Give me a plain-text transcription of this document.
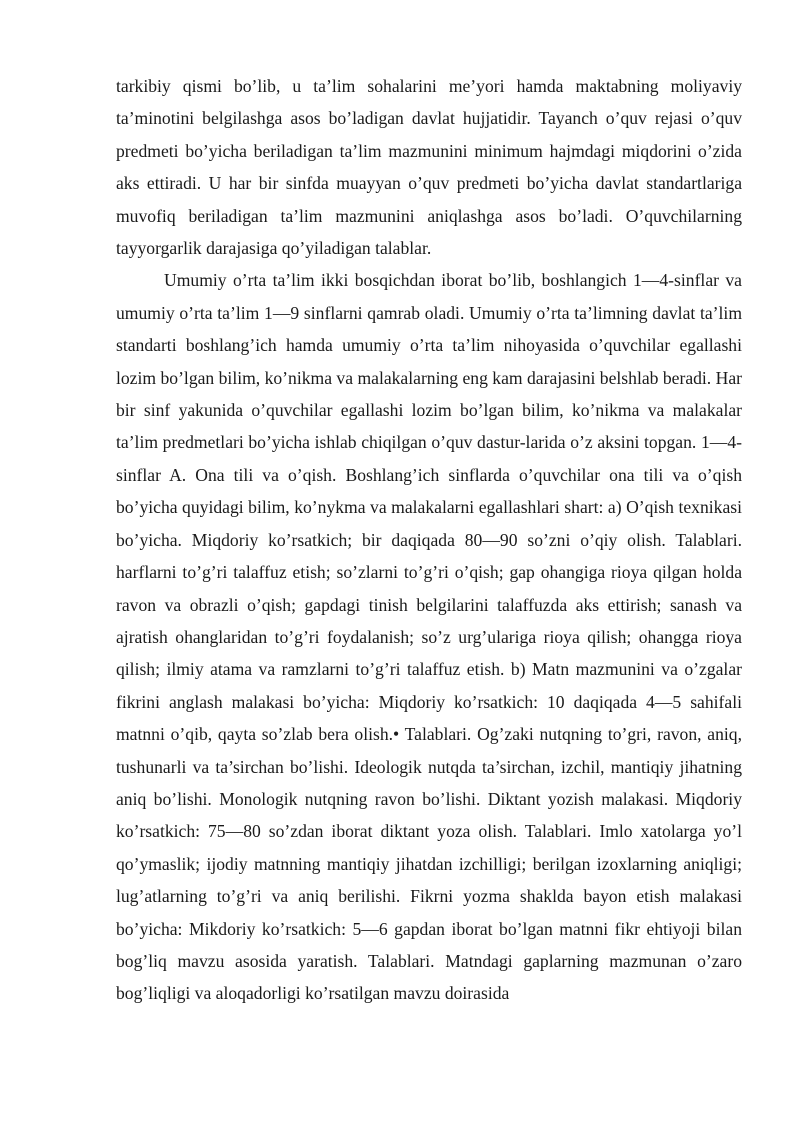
tarkibiy qismi bo’lib, u ta’lim sohalarini me’yori hamda maktabning moliyaviy ta’minotini belgilashga asos bo’ladigan davlat hujjatidir. Tayanch o’quv rejasi o’quv predmeti bo’yicha beriladigan ta’lim mazmunini minimum hajmdagi miqdorini o’zida aks ettiradi. U har bir sinfda muayyan o’quv predmeti bo’yicha davlat standartlariga muvofiq beriladigan ta’lim mazmunini aniqlashga asos bo’ladi. O’quvchilarning tayyorgarlik darajasiga qo’yiladigan talablar.

Umumiy o’rta ta’lim ikki bosqichdan iborat bo’lib, boshlangich 1—4-sinflar va umumiy o’rta ta’lim 1—9 sinflarni qamrab oladi. Umumiy o’rta ta’limning davlat ta’lim standarti boshlang’ich hamda umumiy o’rta ta’lim nihoyasida o’quvchilar egallashi lozim bo’lgan bilim, ko’nikma va malakalarning eng kam darajasini belshlab beradi. Har bir sinf yakunida o’quvchilar egallashi lozim bo’lgan bilim, ko’nikma va malakalar ta’lim predmetlari bo’yicha ishlab chiqilgan o’quv dastur-larida o’z aksini topgan. 1—4-sinflar A. Ona tili va o’qish. Boshlang’ich sinflarda o’quvchilar ona tili va o’qish bo’yicha quyidagi bilim, ko’nykma va malakalarni egallashlari shart: a) O’qish texnikasi bo’yicha. Miqdoriy ko’rsatkich; bir daqiqada 80—90 so’zni o’qiy olish. Talablari. harflarni to’g’ri talaffuz etish; so’zlarni to’g’ri o’qish; gap ohangiga rioya qilgan holda ravon va obrazli o’qish; gapdagi tinish belgilarini talaffuzda aks ettirish; sanash va ajratish ohanglaridan to’g’ri foydalanish; so’z urg’ulariga rioya qilish; ohangga rioya qilish; ilmiy atama va ramzlarni to’g’ri talaffuz etish. b) Matn mazmunini va o’zgalar fikrini anglash malakasi bo’yicha: Miqdoriy ko’rsatkich: 10 daqiqada 4—5 sahifali matnni o’qib, qayta so’zlab bera olish.• Talablari. Og’zaki nutqning to’gri, ravon, aniq, tushunarli va ta’sirchan bo’lishi. Ideologik nutqda ta’sirchan, izchil, mantiqiy jihatning aniq bo’lishi. Monologik nutqning ravon bo’lishi. Diktant yozish malakasi. Miqdoriy ko’rsatkich: 75—80 so’zdan iborat diktant yoza olish. Talablari. Imlo xatolarga yo’l qo’ymaslik; ijodiy matnning mantiqiy jihatdan izchilligi; berilgan izoxlarning aniqligi; lug’atlarning to’g’ri va aniq berilishi. Fikrni yozma shaklda bayon etish malakasi bo’yicha: Mikdoriy ko’rsatkich: 5—6 gapdan iborat bo’lgan matnni fikr ehtiyoji bilan bog’liq mavzu asosida yaratish. Talablari. Matndagi gaplarning mazmunan o’zaro bog’liqligi va aloqadorligi ko’rsatilgan mavzu doirasida
